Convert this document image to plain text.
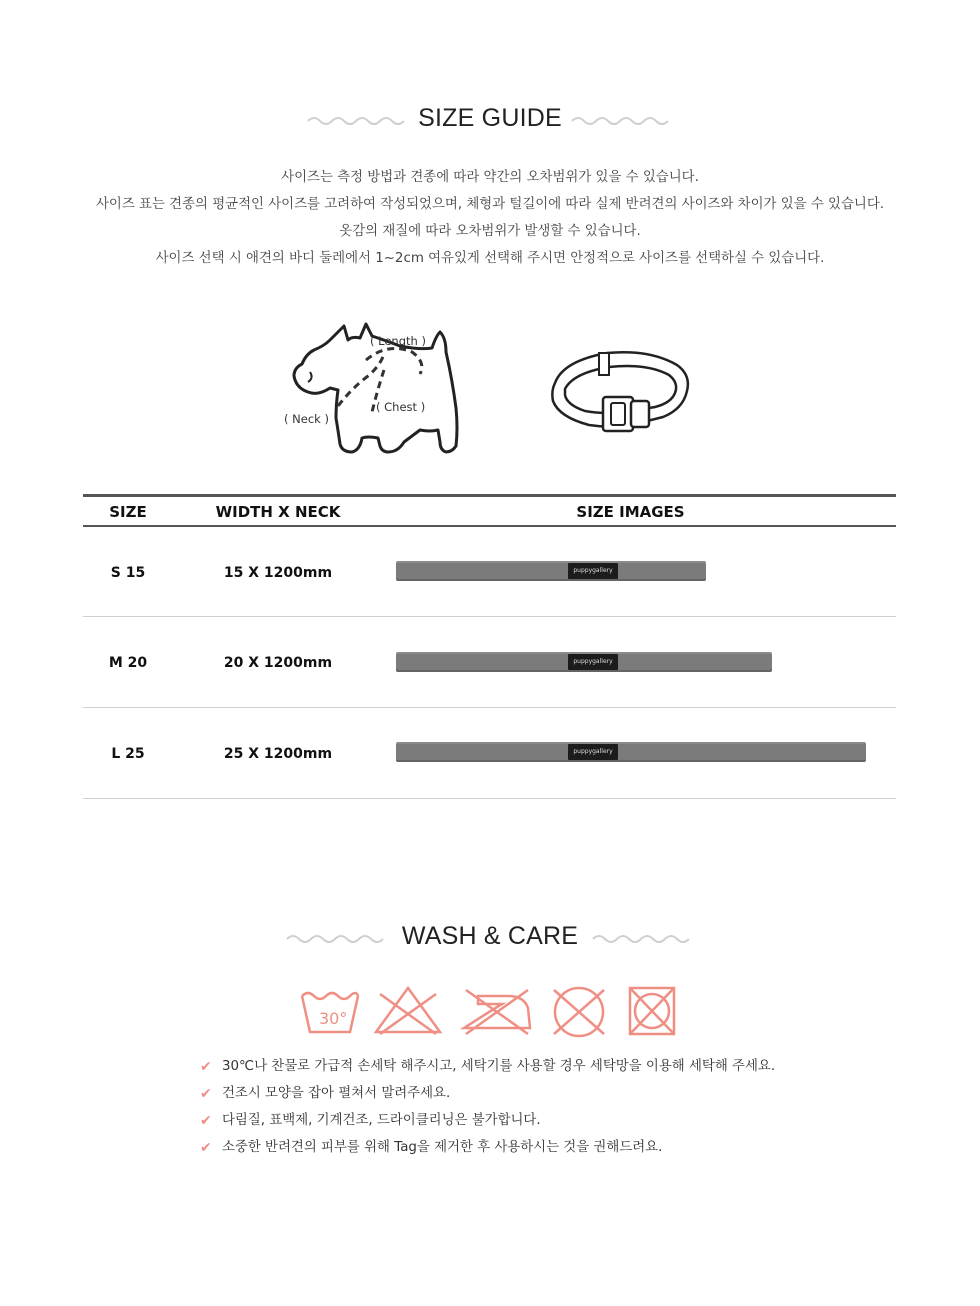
SIZE GUIDE

사이즈는 측정 방법과 견종에 따라 약간의 오차범위가 있을 수 있습니다.

사이즈 표는 견종의 평균적인 사이즈를 고려하여 작성되었으며, 체형과 털길이에 따라 실제 반려견의 사이즈와 차이가 있을 수 있습니다.

옷감의 재질에 따라 오차범위가 발생할 수 있습니다.

사이즈 선택 시 애견의 바디 둘레에서 1~2cm 여유있게 선택해 주시면 안정적으로 사이즈를 선택하실 수 있습니다.

( Length )
( Chest )
( Neck )
SIZE	WIDTH X NECK	SIZE IMAGES
S 15	15 X 1200mm	puppygallery
M 20	20 X 1200mm	puppygallery
L 25	25 X 1200mm	puppygallery
WASH & CARE
30°
✔ 30℃나 찬물로 가급적 손세탁 해주시고, 세탁기를 사용할 경우 세탁망을 이용해 세탁해 주세요.
✔ 건조시 모양을 잡아 펼쳐서 말려주세요.
✔ 다림질, 표백제, 기계건조, 드라이클리닝은 불가합니다.
✔ 소중한 반려견의 피부를 위해 Tag을 제거한 후 사용하시는 것을 권해드려요.
